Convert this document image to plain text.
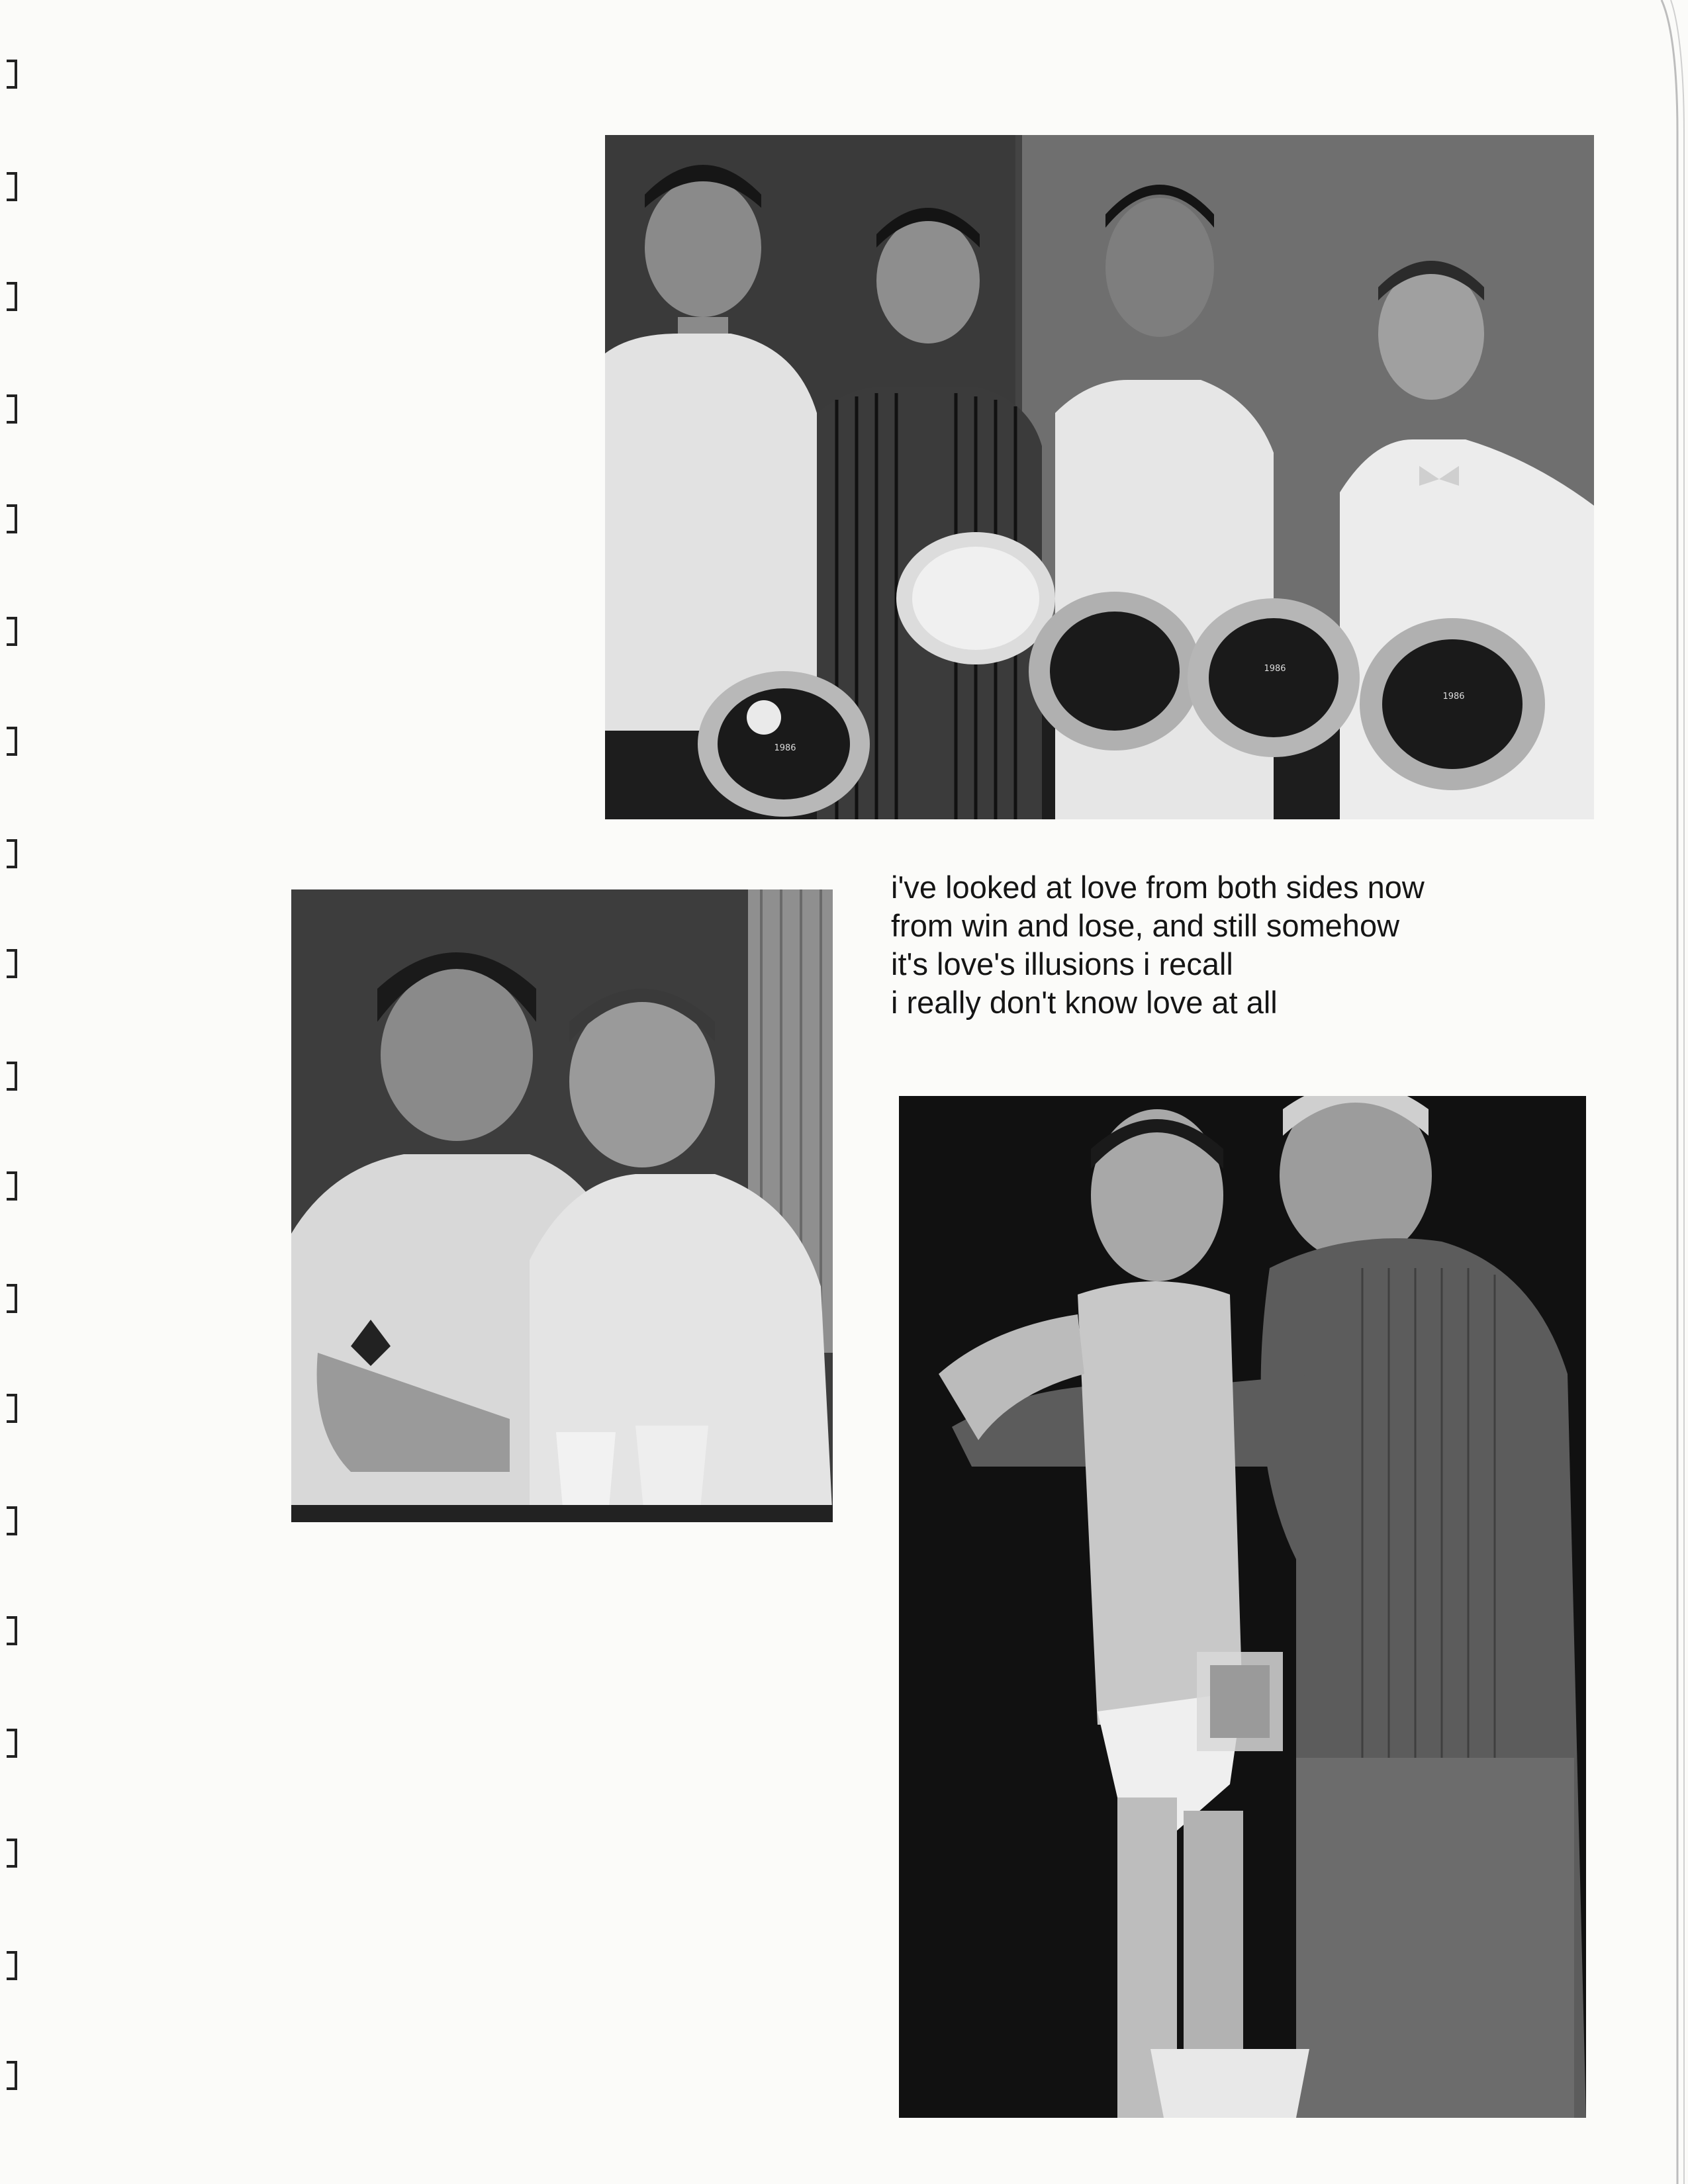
1986
1986
1986
i've looked at love from both sides now
from win and lose, and still somehow
it's love's illusions i recall
i really don't know love at all
